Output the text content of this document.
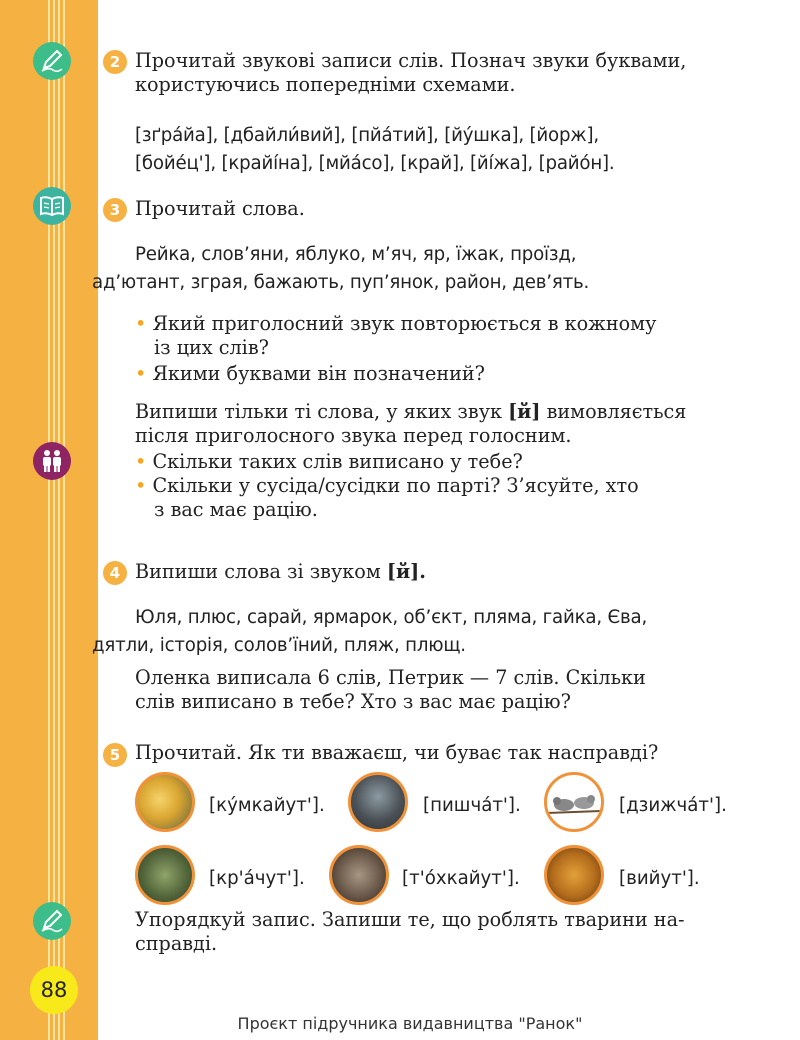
88
2 Прочитай звукові записи слів. Познач звуки буквами,
користуючись попередніми схемами.

[зґра́йа], [дбайли́вий], [пйа́тий], [йу́шка], [йорж],
[бойе́ц'], [крайі́на], [мйа́со], [край], [йі́жа], [райо́н].

3 Прочитай слова.

Рейка, слов’яни, яблуко, м’яч, яр, їжак, проїзд,
ад’ютант, зграя, бажають, пуп’янок, район, дев’ять.

• Який приголосний звук повторюється в кожному
із цих слів?
• Якими буквами він позначений?

Випиши тільки ті слова, у яких звук [й] вимовляється
після приголосного звука перед голосним.

• Скільки таких слів виписано у тебе?
• Скільки у сусіда/сусідки по парті? З’ясуйте, хто
з вас має рацію.
4 Випиши слова зі звуком [й].

Юля, плюс, сарай, ярмарок, об’єкт, пляма, гайка, Єва,
дятли, історія, солов’їний, пляж, плющ.

Оленка виписала 6 слів, Петрик — 7 слів. Скільки
слів виписано в тебе? Хто з вас має рацію?

5 Прочитай. Як ти вважаєш, чи буває так насправді?

[ку́мкайут'].	[пишча́т'].	[дзижча́т'].
[кр'а́чут'].	[т'о́хкайут'].	[вийут'].

Упорядкуй запис. Запиши те, що роблять тварини на-
справді.

Проєкт підручника видавництва "Ранок"
